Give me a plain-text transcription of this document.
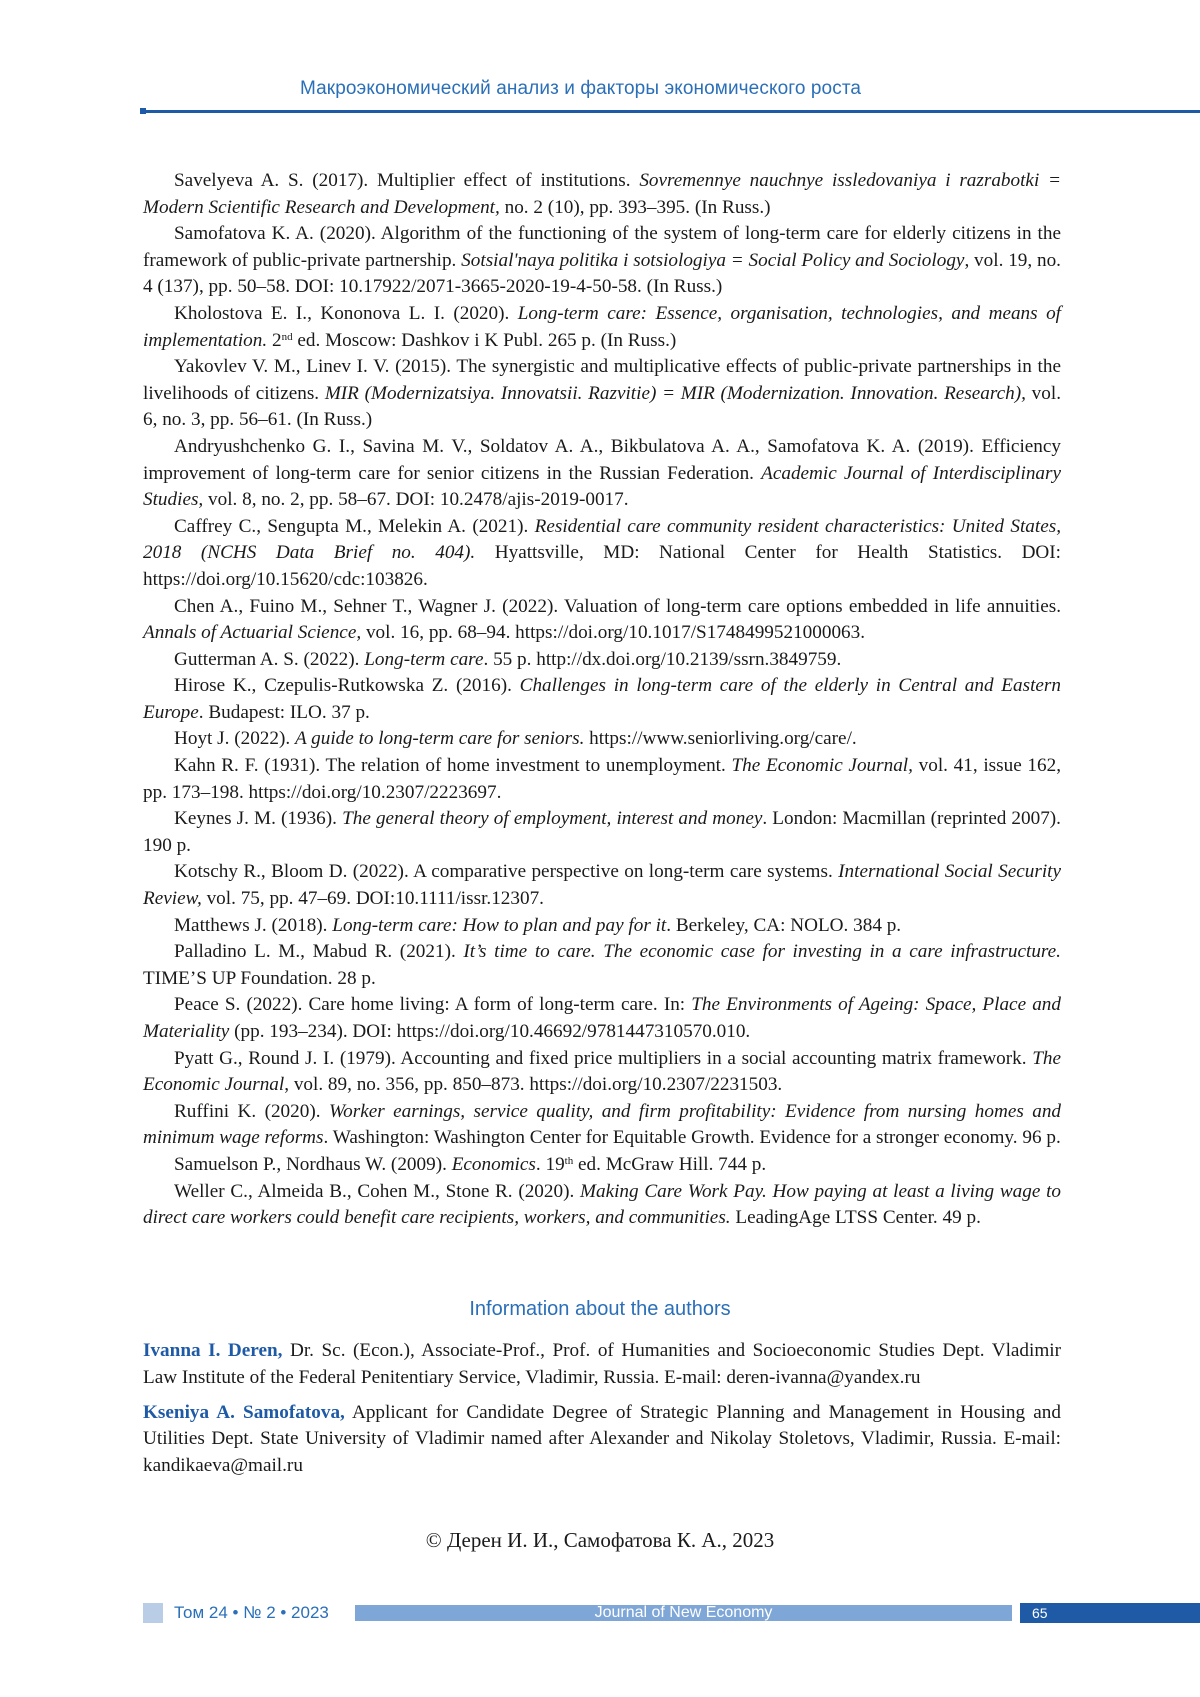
Макроэкономический анализ и факторы экономического роста

Savelyeva A. S. (2017). Multiplier effect of institutions. Sovremennye nauchnye issledovaniya i razrabotki = Modern Scientific Research and Development, no. 2 (10), pp. 393–395. (In Russ.)

Samofatova K. A. (2020). Algorithm of the functioning of the system of long-term care for elderly citizens in the framework of public-private partnership. Sotsial'naya politika i sotsiologiya = Social Policy and Sociology, vol. 19, no. 4 (137), pp. 50–58. DOI: 10.17922/2071-3665-2020-19-4-50-58. (In Russ.)

Kholostova E. I., Kononova L. I. (2020). Long-term care: Essence, organisation, technologies, and means of implementation. 2nd ed. Moscow: Dashkov i K Publ. 265 p. (In Russ.)

Yakovlev V. M., Linev I. V. (2015). The synergistic and multiplicative effects of public-private partnerships in the livelihoods of citizens. MIR (Modernizatsiya. Innovatsii. Razvitie) = MIR (Modernization. Innovation. Research), vol. 6, no. 3, pp. 56–61. (In Russ.)

Andryushchenko G. I., Savina M. V., Soldatov A. A., Bikbulatova A. A., Samofatova K. A. (2019). Efficiency improvement of long-term care for senior citizens in the Russian Federation. Academic Journal of Interdisciplinary Studies, vol. 8, no. 2, pp. 58–67. DOI: 10.2478/ajis-2019-0017.

Caffrey C., Sengupta M., Melekin A. (2021). Residential care community resident characteristics: United States, 2018 (NCHS Data Brief no. 404). Hyattsville, MD: National Center for Health Statistics. DOI: https://doi.org/10.15620/cdc:103826.

Chen A., Fuino M., Sehner T., Wagner J. (2022). Valuation of long-term care options embedded in life annuities. Annals of Actuarial Science, vol. 16, pp. 68–94. https://doi.org/10.1017/S1748499521000063.

Gutterman A. S. (2022). Long-term care. 55 p. http://dx.doi.org/10.2139/ssrn.3849759.

Hirose K., Czepulis-Rutkowska Z. (2016). Challenges in long-term care of the elderly in Central and Eastern Europe. Budapest: ILO. 37 p.

Hoyt J. (2022). A guide to long-term care for seniors. https://www.seniorliving.org/care/.

Kahn R. F. (1931). The relation of home investment to unemployment. The Economic Journal, vol. 41, issue 162, pp. 173–198. https://doi.org/10.2307/2223697.

Keynes J. M. (1936). The general theory of employment, interest and money. London: Macmillan (reprinted 2007). 190 p.

Kotschy R., Bloom D. (2022). A comparative perspective on long-term care systems. International Social Security Review, vol. 75, pp. 47–69. DOI:10.1111/issr.12307.

Matthews J. (2018). Long-term care: How to plan and pay for it. Berkeley, CA: NOLO. 384 p.

Palladino L. M., Mabud R. (2021). It’s time to care. The economic case for investing in a care infrastructure. TIME’S UP Foundation. 28 p.

Peace S. (2022). Care home living: A form of long-term care. In: The Environments of Ageing: Space, Place and Materiality (pp. 193–234). DOI: https://doi.org/10.46692/9781447310570.010.

Pyatt G., Round J. I. (1979). Accounting and fixed price multipliers in a social accounting matrix framework. The Economic Journal, vol. 89, no. 356, pp. 850–873. https://doi.org/10.2307/2231503.

Ruffini K. (2020). Worker earnings, service quality, and firm profitability: Evidence from nursing homes and minimum wage reforms. Washington: Washington Center for Equitable Growth. Evidence for a stronger economy. 96 p.

Samuelson P., Nordhaus W. (2009). Economics. 19th ed. McGraw Hill. 744 p.

Weller C., Almeida B., Cohen M., Stone R. (2020). Making Care Work Pay. How paying at least a living wage to direct care workers could benefit care recipients, workers, and communities. LeadingAge LTSS Center. 49 p.

Information about the authors

Ivanna I. Deren, Dr. Sc. (Econ.), Associate-Prof., Prof. of Humanities and Socioeconomic Studies Dept. Vladimir Law Institute of the Federal Penitentiary Service, Vladimir, Russia. E-mail: deren-ivanna@yandex.ru

Kseniya A. Samofatova, Applicant for Candidate Degree of Strategic Planning and Management in Housing and Utilities Dept. State University of Vladimir named after Alexander and Nikolay Stoletovs, Vladimir, Russia. E-mail: kandikaeva@mail.ru

© Дерен И. И., Самофатова К. А., 2023
Том 24 • № 2 • 2023	Journal of New Economy	65
